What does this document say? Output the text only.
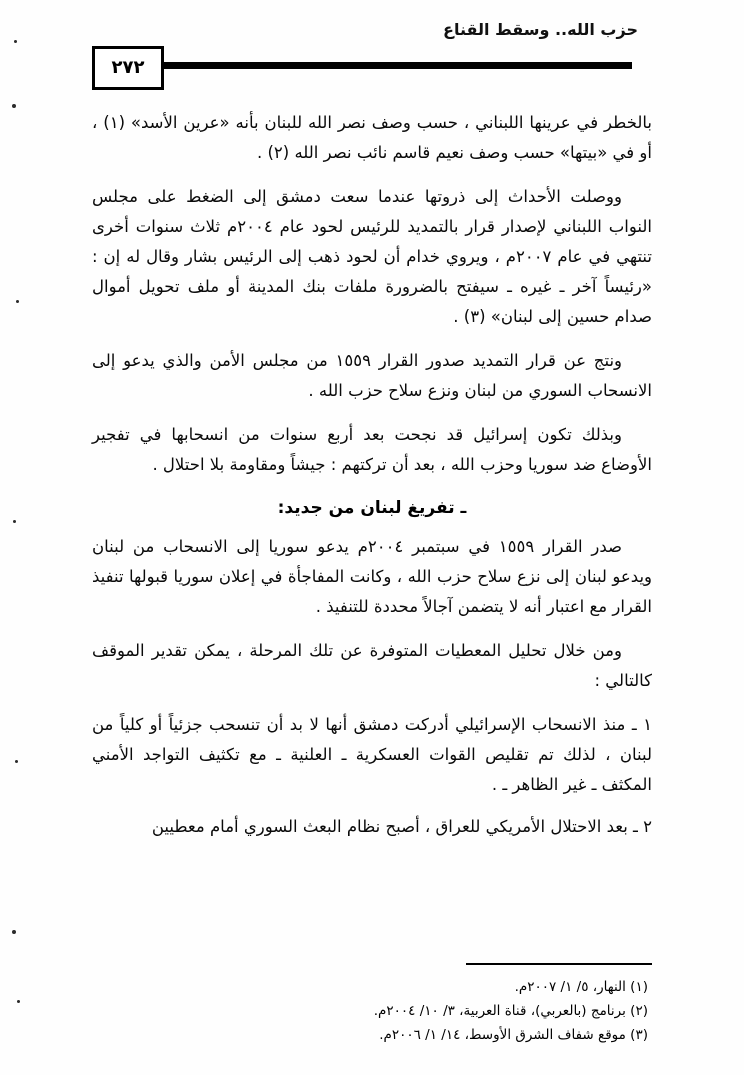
حزب الله.. وسقط القناع
٢٧٢

بالخطر في عرينها اللبناني ، حسب وصف نصر الله للبنان بأنه «عرين الأسد» (١) ، أو في «بيتها» حسب وصف نعيم قاسم نائب نصر الله (٢) .

ووصلت الأحداث إلى ذروتها عندما سعت دمشق إلى الضغط على مجلس النواب اللبناني لإصدار قرار بالتمديد للرئيس لحود عام ٢٠٠٤م ثلاث سنوات أخرى تنتهي في عام ٢٠٠٧م ، ويروي خدام أن لحود ذهب إلى الرئيس بشار وقال له إن : «رئيساً آخر ـ غيره ـ سيفتح بالضرورة ملفات بنك المدينة أو ملف تحويل أموال صدام حسين إلى لبنان» (٣) .

ونتج عن قرار التمديد صدور القرار ١٥٥٩ من مجلس الأمن والذي يدعو إلى الانسحاب السوري من لبنان ونزع سلاح حزب الله .

وبذلك تكون إسرائيل قد نجحت بعد أربع سنوات من انسحابها في تفجير الأوضاع ضد سوريا وحزب الله ، بعد أن تركتهم : جيشاً ومقاومة بلا احتلال .

ـ تفريغ لبنان من جديد:

صدر القرار ١٥٥٩ في سبتمبر ٢٠٠٤م يدعو سوريا إلى الانسحاب من لبنان ويدعو لبنان إلى نزع سلاح حزب الله ، وكانت المفاجأة في إعلان سوريا قبولها تنفيذ القرار مع اعتبار أنه لا يتضمن آجالاً محددة للتنفيذ .

ومن خلال تحليل المعطيات المتوفرة عن تلك المرحلة ، يمكن تقدير الموقف كالتالي :

١ ـ منذ الانسحاب الإسرائيلي أدركت دمشق أنها لا بد أن تنسحب جزئياً أو كلياً من لبنان ، لذلك تم تقليص القوات العسكرية ـ العلنية ـ مع تكثيف التواجد الأمني المكثف ـ غير الظاهر ـ .

٢ ـ بعد الاحتلال الأمريكي للعراق ، أصبح نظام البعث السوري أمام معطيين

(١) النهار، ٥/ ١/ ٢٠٠٧م.

(٢) برنامج (بالعربي)، قناة العربية، ٣/ ١٠/ ٢٠٠٤م.

(٣) موقع شفاف الشرق الأوسط، ١٤/ ١/ ٢٠٠٦م.
